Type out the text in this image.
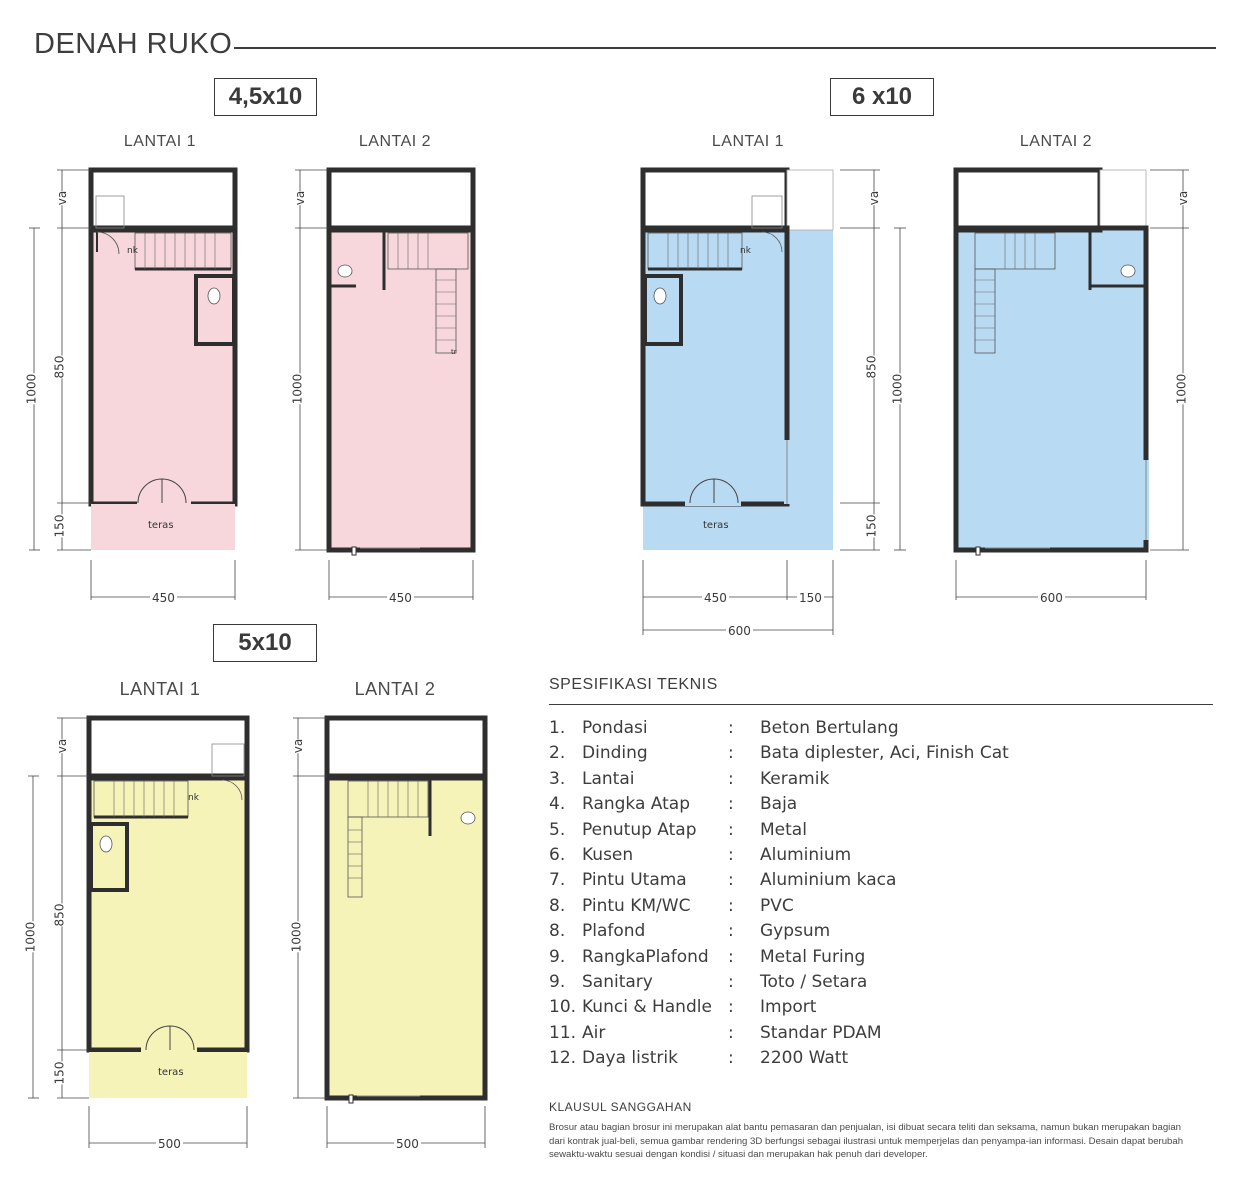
DENAH RUKO
4,5x10	6 x10
5x10
LANTAI 1	LANTAI 2	LANTAI 1	LANTAI 2
LANTAI 1	LANTAI 2
nk
teras
tr
nk
teras
nk
teras
450	450	450	150
600
600
500	500
1000
850
150
va
1000
va
850
150
va
1000	1000
va
1000
850
150
va
1000
va
SPESIFIKASI TEKNIS
1. Pondasi	: Beton Bertulang
2. Dinding	: Bata diplester, Aci, Finish Cat
3. Lantai	: Keramik
4. Rangka Atap : Baja
5. Penutup Atap : Metal
6. Kusen	: Aluminium
7. Pintu Utama : Aluminium kaca
8. Pintu KM/WC : PVC
8. Plafond	: Gypsum
9. RangkaPlafond : Metal Furing
9. Sanitary	: Toto / Setara
10. Kunci & Handle : Import
11. Air	: Standar PDAM
12. Daya listrik	: 2200 Watt
KLAUSUL SANGGAHAN
Brosur atau bagian brosur ini merupakan alat bantu pemasaran dan penjualan, isi dibuat secara teliti dan seksama, namun bukan merupakan bagian dari kontrak jual-beli, semua gambar rendering 3D berfungsi sebagai ilustrasi untuk memperjelas dan penyampa-ian informasi. Desain dapat berubah sewaktu-waktu sesuai dengan kondisi / situasi dan merupakan hak penuh dari developer.
